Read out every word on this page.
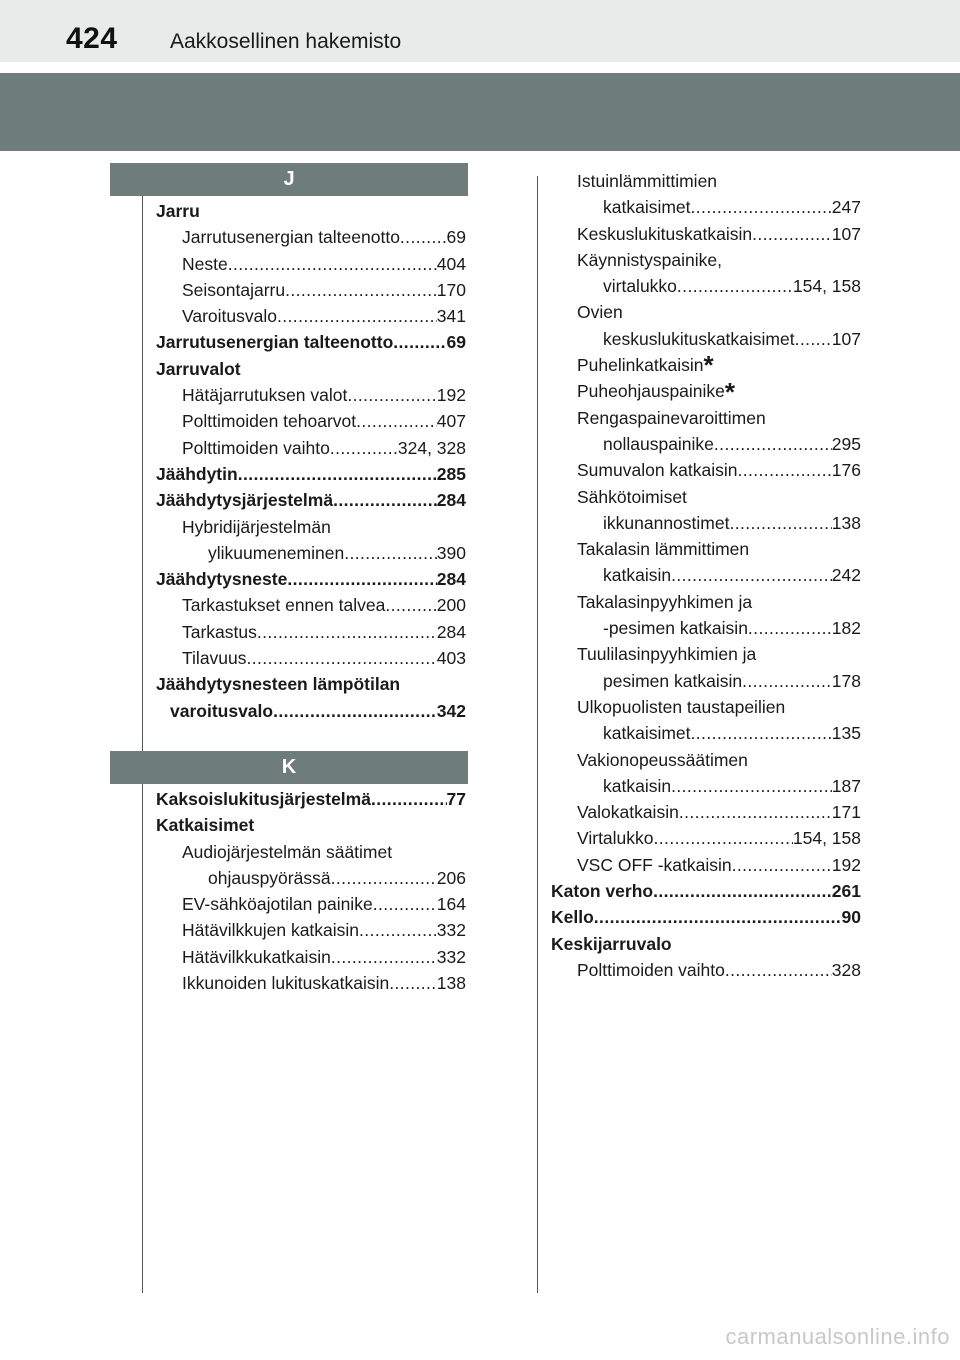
424 Aakkosellinen hakemisto
J
Jarru
Jarrutusenergian talteenotto .....	69
Neste .....	404
Seisontajarru .....	170
Varoitusvalo .....	341
Jarrutusenergian talteenotto .....	69
Jarruvalot
Hätäjarrutuksen valot .....	192
Polttimoiden tehoarvot .....	407
Polttimoiden vaihto .....	324, 328
Jäähdytin .....	285
Jäähdytysjärjestelmä .....	284
Hybridijärjestelmän
ylikuumeneminen .....	390
Jäähdytysneste .....	284
Tarkastukset ennen talvea .....	200
Tarkastus .....	284
Tilavuus .....	403
Jäähdytysnesteen lämpötilan
varoitusvalo .....	342
K
Kaksoislukitusjärjestelmä .....	77
Katkaisimet
Audiojärjestelmän säätimet
ohjauspyörässä .....	206
EV-sähköajotilan painike .....	164
Hätävilkkujen katkaisin .....	332
Hätävilkkukatkaisin .....	332
Ikkunoiden lukituskatkaisin .....	138
Istuinlämmittimien
katkaisimet .....	247
Keskuslukituskatkaisin .....	107
Käynnistyspainike,
virtalukko .....	154, 158
Ovien
keskuslukituskatkaisimet ..... 107
Puhelinkatkaisin *
Puheohjauspainike *
Rengaspainevaroittimen
nollauspainike .....	295
Sumuvalon katkaisin .....	176
Sähkötoimiset
ikkunannostimet .....	138
Takalasin lämmittimen
katkaisin .....	242
Takalasinpyyhkimen ja
-pesimen katkaisin .....	182
Tuulilasinpyyhkimien ja
pesimen katkaisin .....	178
Ulkopuolisten taustapeilien
katkaisimet .....	135
Vakionopeussäätimen
katkaisin .....	187
Valokatkaisin .....	171
Virtalukko .....	154, 158
VSC OFF -katkaisin .....	192
Katon verho .....	261
Kello .....	90
Keskijarruvalo
Polttimoiden vaihto .....	328
carmanualsonline.info
